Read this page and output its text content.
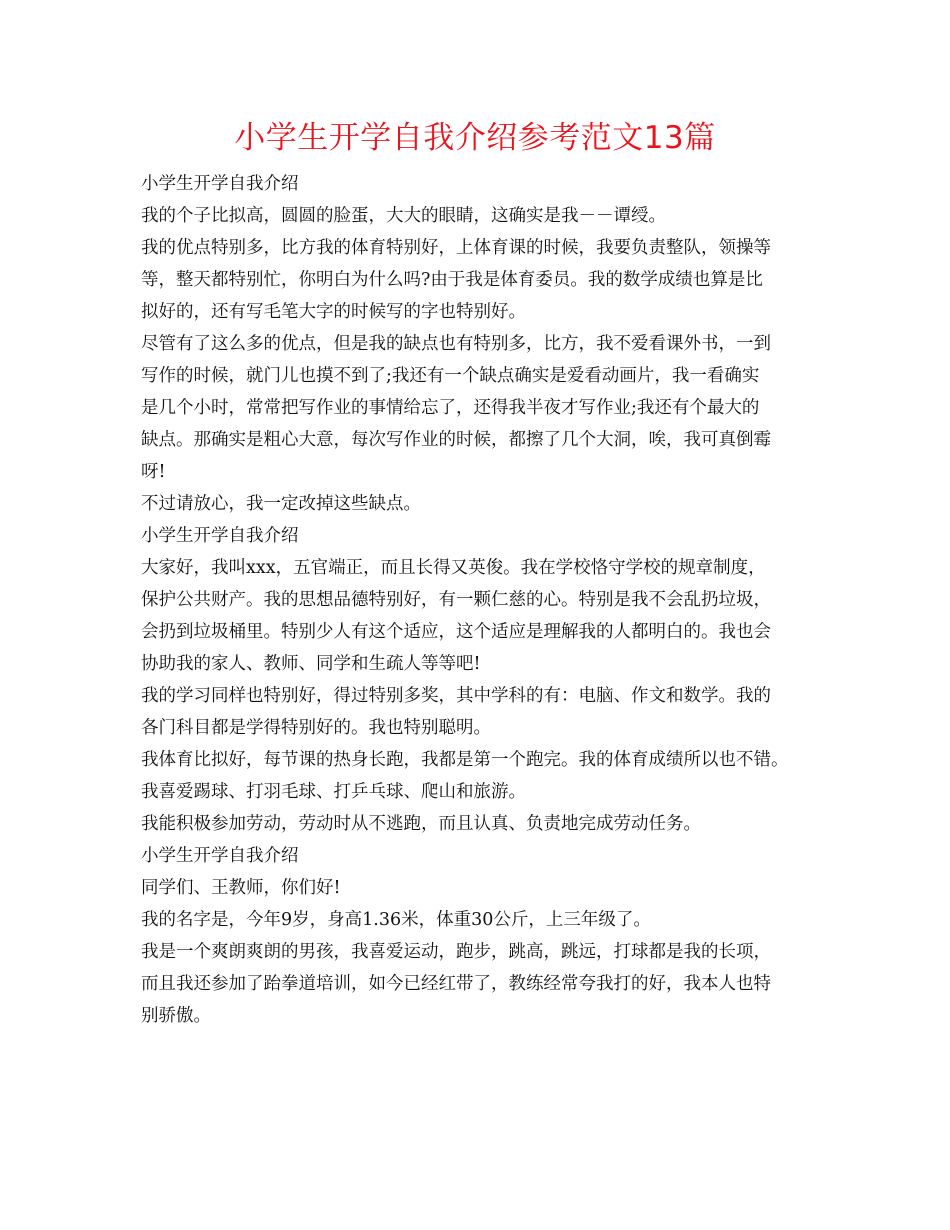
小学生开学自我介绍参考范文13篇

小学生开学自我介绍

我的个子比拟高，圆圆的脸蛋，大大的眼睛，这确实是我－－谭绶。

我的优点特别多，比方我的体育特别好，上体育课的时候，我要负责整队，领操等

等，整天都特别忙，你明白为什么吗?由于我是体育委员。我的数学成绩也算是比

拟好的，还有写毛笔大字的时候写的字也特别好。

尽管有了这么多的优点，但是我的缺点也有特别多，比方，我不爱看课外书，一到

写作的时候，就门儿也摸不到了;我还有一个缺点确实是爱看动画片，我一看确实

是几个小时，常常把写作业的事情给忘了，还得我半夜才写作业;我还有个最大的

缺点。那确实是粗心大意，每次写作业的时候，都擦了几个大洞，唉，我可真倒霉

呀!

不过请放心，我一定改掉这些缺点。

小学生开学自我介绍

大家好，我叫xxx，五官端正，而且长得又英俊。我在学校恪守学校的规章制度，

保护公共财产。我的思想品德特别好，有一颗仁慈的心。特别是我不会乱扔垃圾，

会扔到垃圾桶里。特别少人有这个适应，这个适应是理解我的人都明白的。我也会

协助我的家人、教师、同学和生疏人等等吧!

我的学习同样也特别好，得过特别多奖，其中学科的有：电脑、作文和数学。我的

各门科目都是学得特别好的。我也特别聪明。

我体育比拟好，每节课的热身长跑，我都是第一个跑完。我的体育成绩所以也不错。

我喜爱踢球、打羽毛球、打乒乓球、爬山和旅游。

我能积极参加劳动，劳动时从不逃跑，而且认真、负责地完成劳动任务。

小学生开学自我介绍

同学们、王教师，你们好!

我的名字是，今年9岁，身高1.36米，体重30公斤，上三年级了。

我是一个爽朗爽朗的男孩，我喜爱运动，跑步，跳高，跳远，打球都是我的长项，

而且我还参加了跆拳道培训，如今已经红带了，教练经常夸我打的好，我本人也特

别骄傲。
